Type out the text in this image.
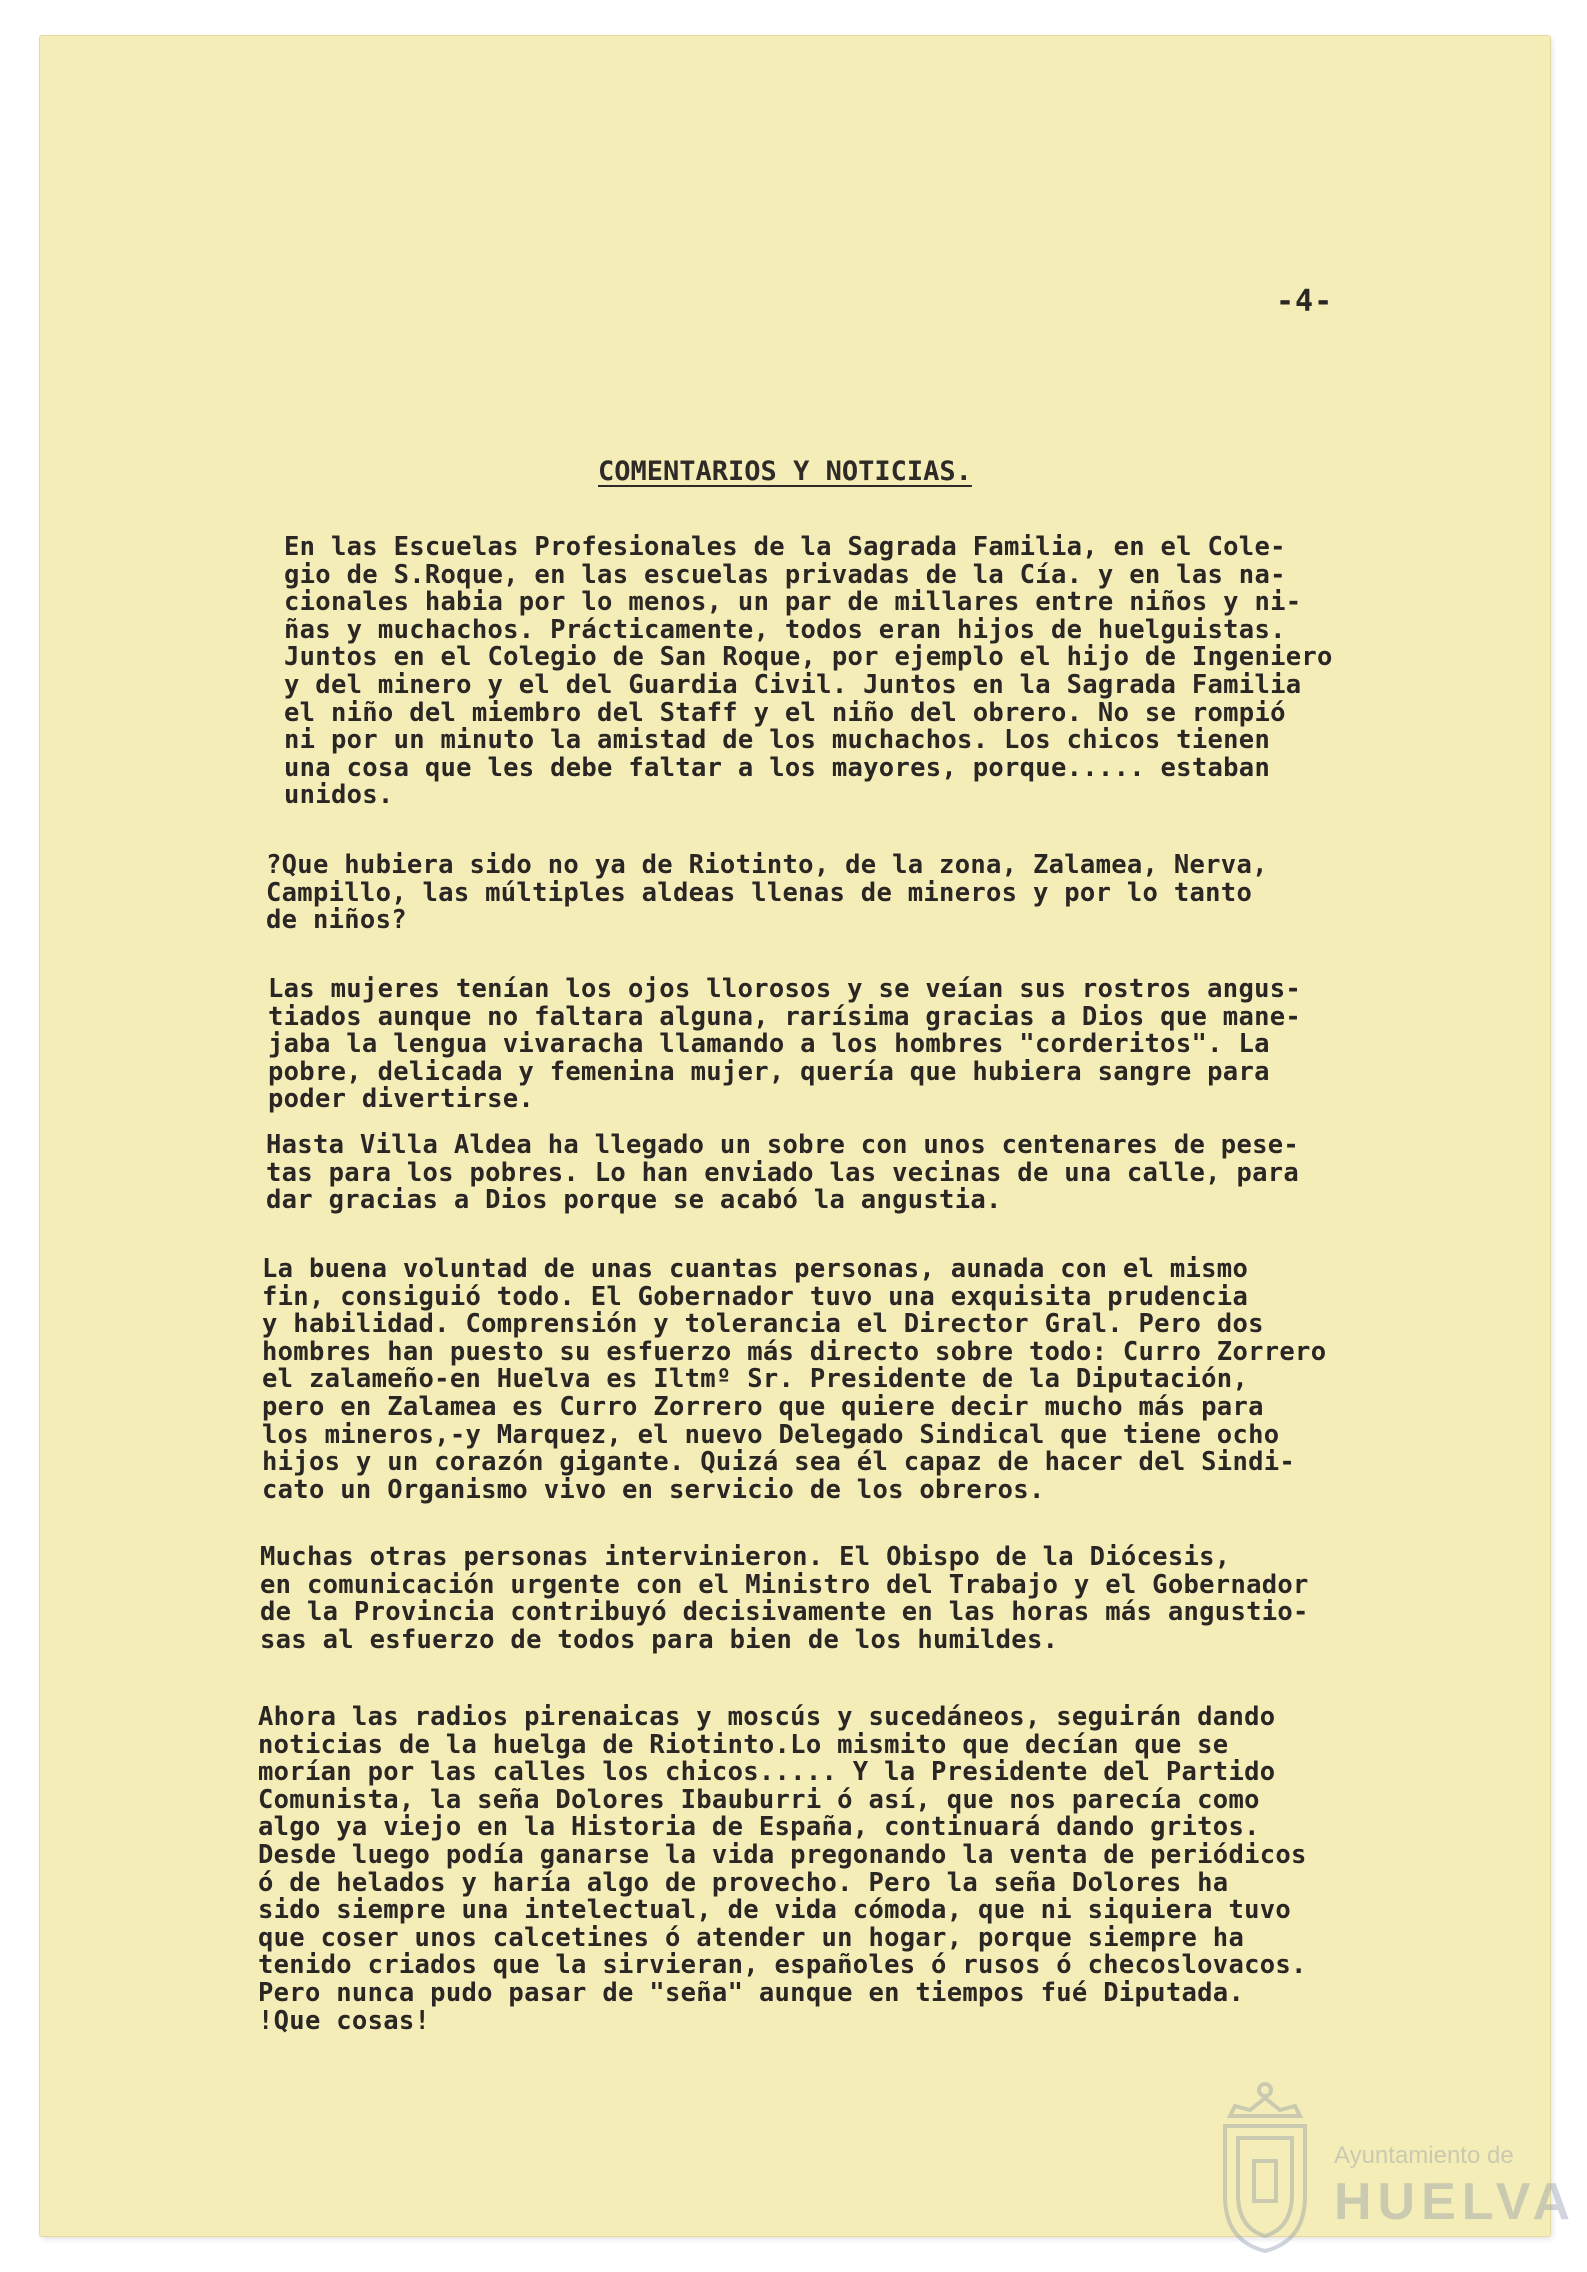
-4-
COMENTARIOS Y NOTICIAS.

En las Escuelas Profesionales de la Sagrada Familia, en el Cole-
gio de S.Roque, en las escuelas privadas de la Cía. y en las na-
cionales habia por lo menos, un par de millares entre niños y ni-
ñas y muchachos. Prácticamente, todos eran hijos de huelguistas.
Juntos en el Colegio de San Roque, por ejemplo el hijo de Ingeniero
y del minero y el del Guardia Civil. Juntos en la Sagrada Familia
el niño del miembro del Staff y el niño del obrero. No se rompió
ni por un minuto la amistad de los muchachos. Los chicos tienen
una cosa que les debe faltar a los mayores, porque..... estaban
unidos.

?Que hubiera sido no ya de Riotinto, de la zona, Zalamea, Nerva,
Campillo, las múltiples aldeas llenas de mineros y por lo tanto
de niños?

Las mujeres tenían los ojos llorosos y se veían sus rostros angus-
tiados aunque no faltara alguna, rarísima gracias a Dios que mane-
jaba la lengua vivaracha llamando a los hombres "corderitos". La
pobre, delicada y femenina mujer, quería que hubiera sangre para
poder divertirse.

Hasta Villa Aldea ha llegado un sobre con unos centenares de pese-
tas para los pobres. Lo han enviado las vecinas de una calle, para
dar gracias a Dios porque se acabó la angustia.

La buena voluntad de unas cuantas personas, aunada con el mismo
fin, consiguió todo. El Gobernador tuvo una exquisita prudencia
y habilidad. Comprensión y tolerancia el Director Gral. Pero dos
hombres han puesto su esfuerzo más directo sobre todo: Curro Zorrero
el zalameño-en Huelva es Iltmº Sr. Presidente de la Diputación,
pero en Zalamea es Curro Zorrero que quiere decir mucho más para
los mineros,-y Marquez, el nuevo Delegado Sindical que tiene ocho
hijos y un corazón gigante. Quizá sea él capaz de hacer del Sindi-
cato un Organismo vivo en servicio de los obreros.

Muchas otras personas intervinieron. El Obispo de la Diócesis,
en comunicación urgente con el Ministro del Trabajo y el Gobernador
de la Provincia contribuyó decisivamente en las horas más angustio-
sas al esfuerzo de todos para bien de los humildes.

Ahora las radios pirenaicas y moscús y sucedáneos, seguirán dando
noticias de la huelga de Riotinto.Lo mismito que decían que se
morían por las calles los chicos..... Y la Presidente del Partido
Comunista, la seña Dolores Ibauburri ó así, que nos parecía como
algo ya viejo en la Historia de España, continuará dando gritos.
Desde luego podía ganarse la vida pregonando la venta de periódicos
ó de helados y haría algo de provecho. Pero la seña Dolores ha
sido siempre una intelectual, de vida cómoda, que ni siquiera tuvo
que coser unos calcetines ó atender un hogar, porque siempre ha
tenido criados que la sirvieran, españoles ó rusos ó checoslovacos.
Pero nunca pudo pasar de "seña" aunque en tiempos fué Diputada.
!Que cosas!

Ayuntamiento de
HUELVA
